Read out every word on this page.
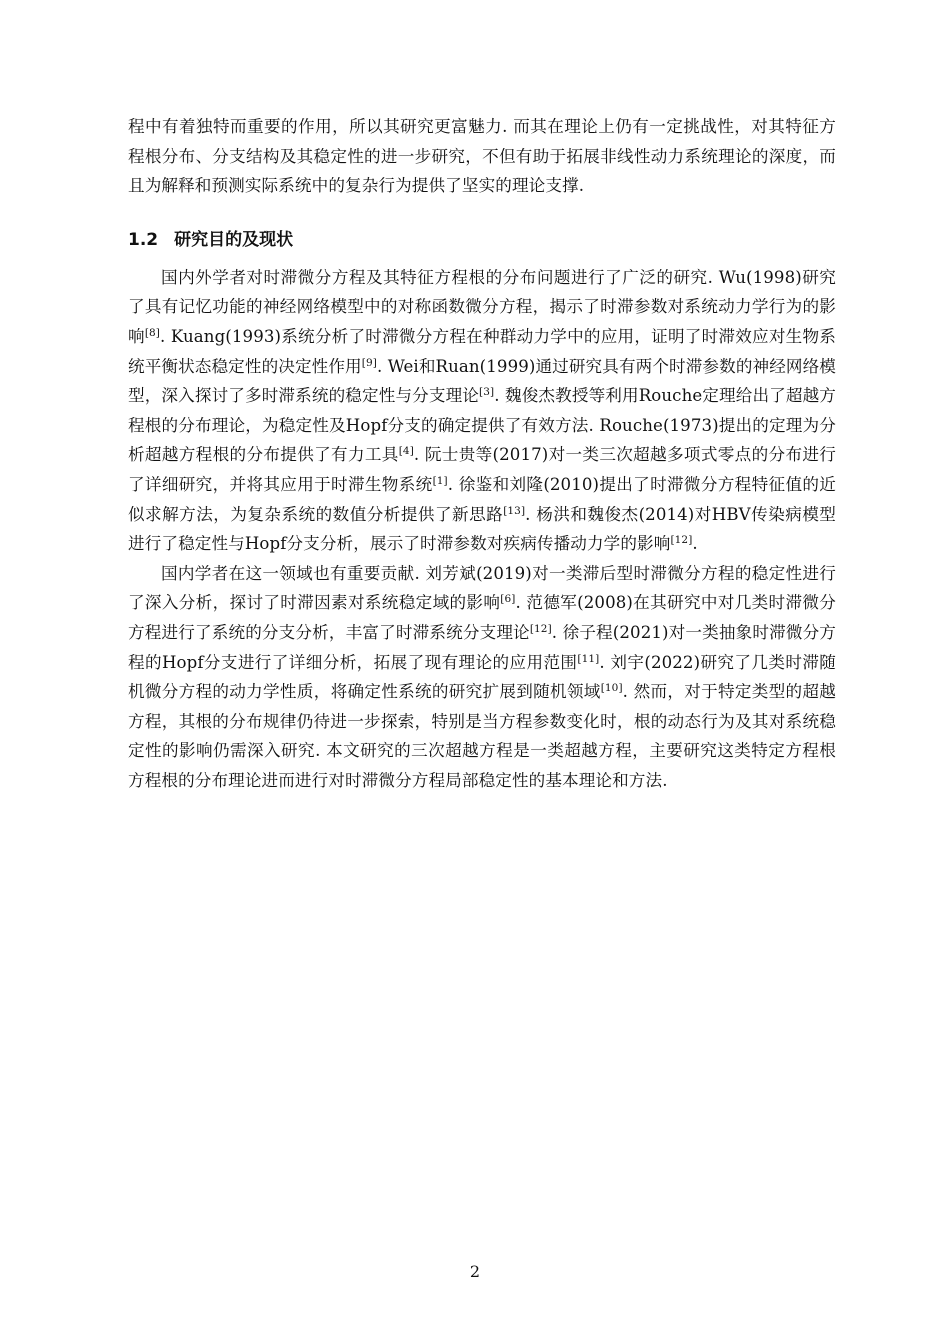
程中有着独特而重要的作用，所以其研究更富魅力. 而其在理论上仍有一定挑战性，对其特征方程根分布、分支结构及其稳定性的进一步研究，不但有助于拓展非线性动力系统理论的深度，而且为解释和预测实际系统中的复杂行为提供了坚实的理论支撑.

1.2 研究目的及现状

国内外学者对时滞微分方程及其特征方程根的分布问题进行了广泛的研究. Wu(1998)研究了具有记忆功能的神经网络模型中的对称函数微分方程，揭示了时滞参数对系统动力学行为的影响[8]. Kuang(1993)系统分析了时滞微分方程在种群动力学中的应用，证明了时滞效应对生物系统平衡状态稳定性的决定性作用[9]. Wei和Ruan(1999)通过研究具有两个时滞参数的神经网络模型，深入探讨了多时滞系统的稳定性与分支理论[3]. 魏俊杰教授等利用Rouche定理给出了超越方程根的分布理论，为稳定性及Hopf分支的确定提供了有效方法. Rouche(1973)提出的定理为分析超越方程根的分布提供了有力工具[4]. 阮士贵等(2017)对一类三次超越多项式零点的分布进行了详细研究，并将其应用于时滞生物系统[1]. 徐鉴和刘隆(2010)提出了时滞微分方程特征值的近似求解方法，为复杂系统的数值分析提供了新思路[13]. 杨洪和魏俊杰(2014)对HBV传染病模型进行了稳定性与Hopf分支分析，展示了时滞参数对疾病传播动力学的影响[12].

国内学者在这一领域也有重要贡献. 刘芳斌(2019)对一类滞后型时滞微分方程的稳定性进行了深入分析，探讨了时滞因素对系统稳定域的影响[6]. 范德军(2008)在其研究中对几类时滞微分方程进行了系统的分支分析，丰富了时滞系统分支理论[12]. 徐子程(2021)对一类抽象时滞微分方程的Hopf分支进行了详细分析，拓展了现有理论的应用范围[11]. 刘宇(2022)研究了几类时滞随机微分方程的动力学性质，将确定性系统的研究扩展到随机领域[10]. 然而，对于特定类型的超越方程，其根的分布规律仍待进一步探索，特别是当方程参数变化时，根的动态行为及其对系统稳定性的影响仍需深入研究. 本文研究的三次超越方程是一类超越方程，主要研究这类特定方程根方程根的分布理论进而进行对时滞微分方程局部稳定性的基本理论和方法.

2
